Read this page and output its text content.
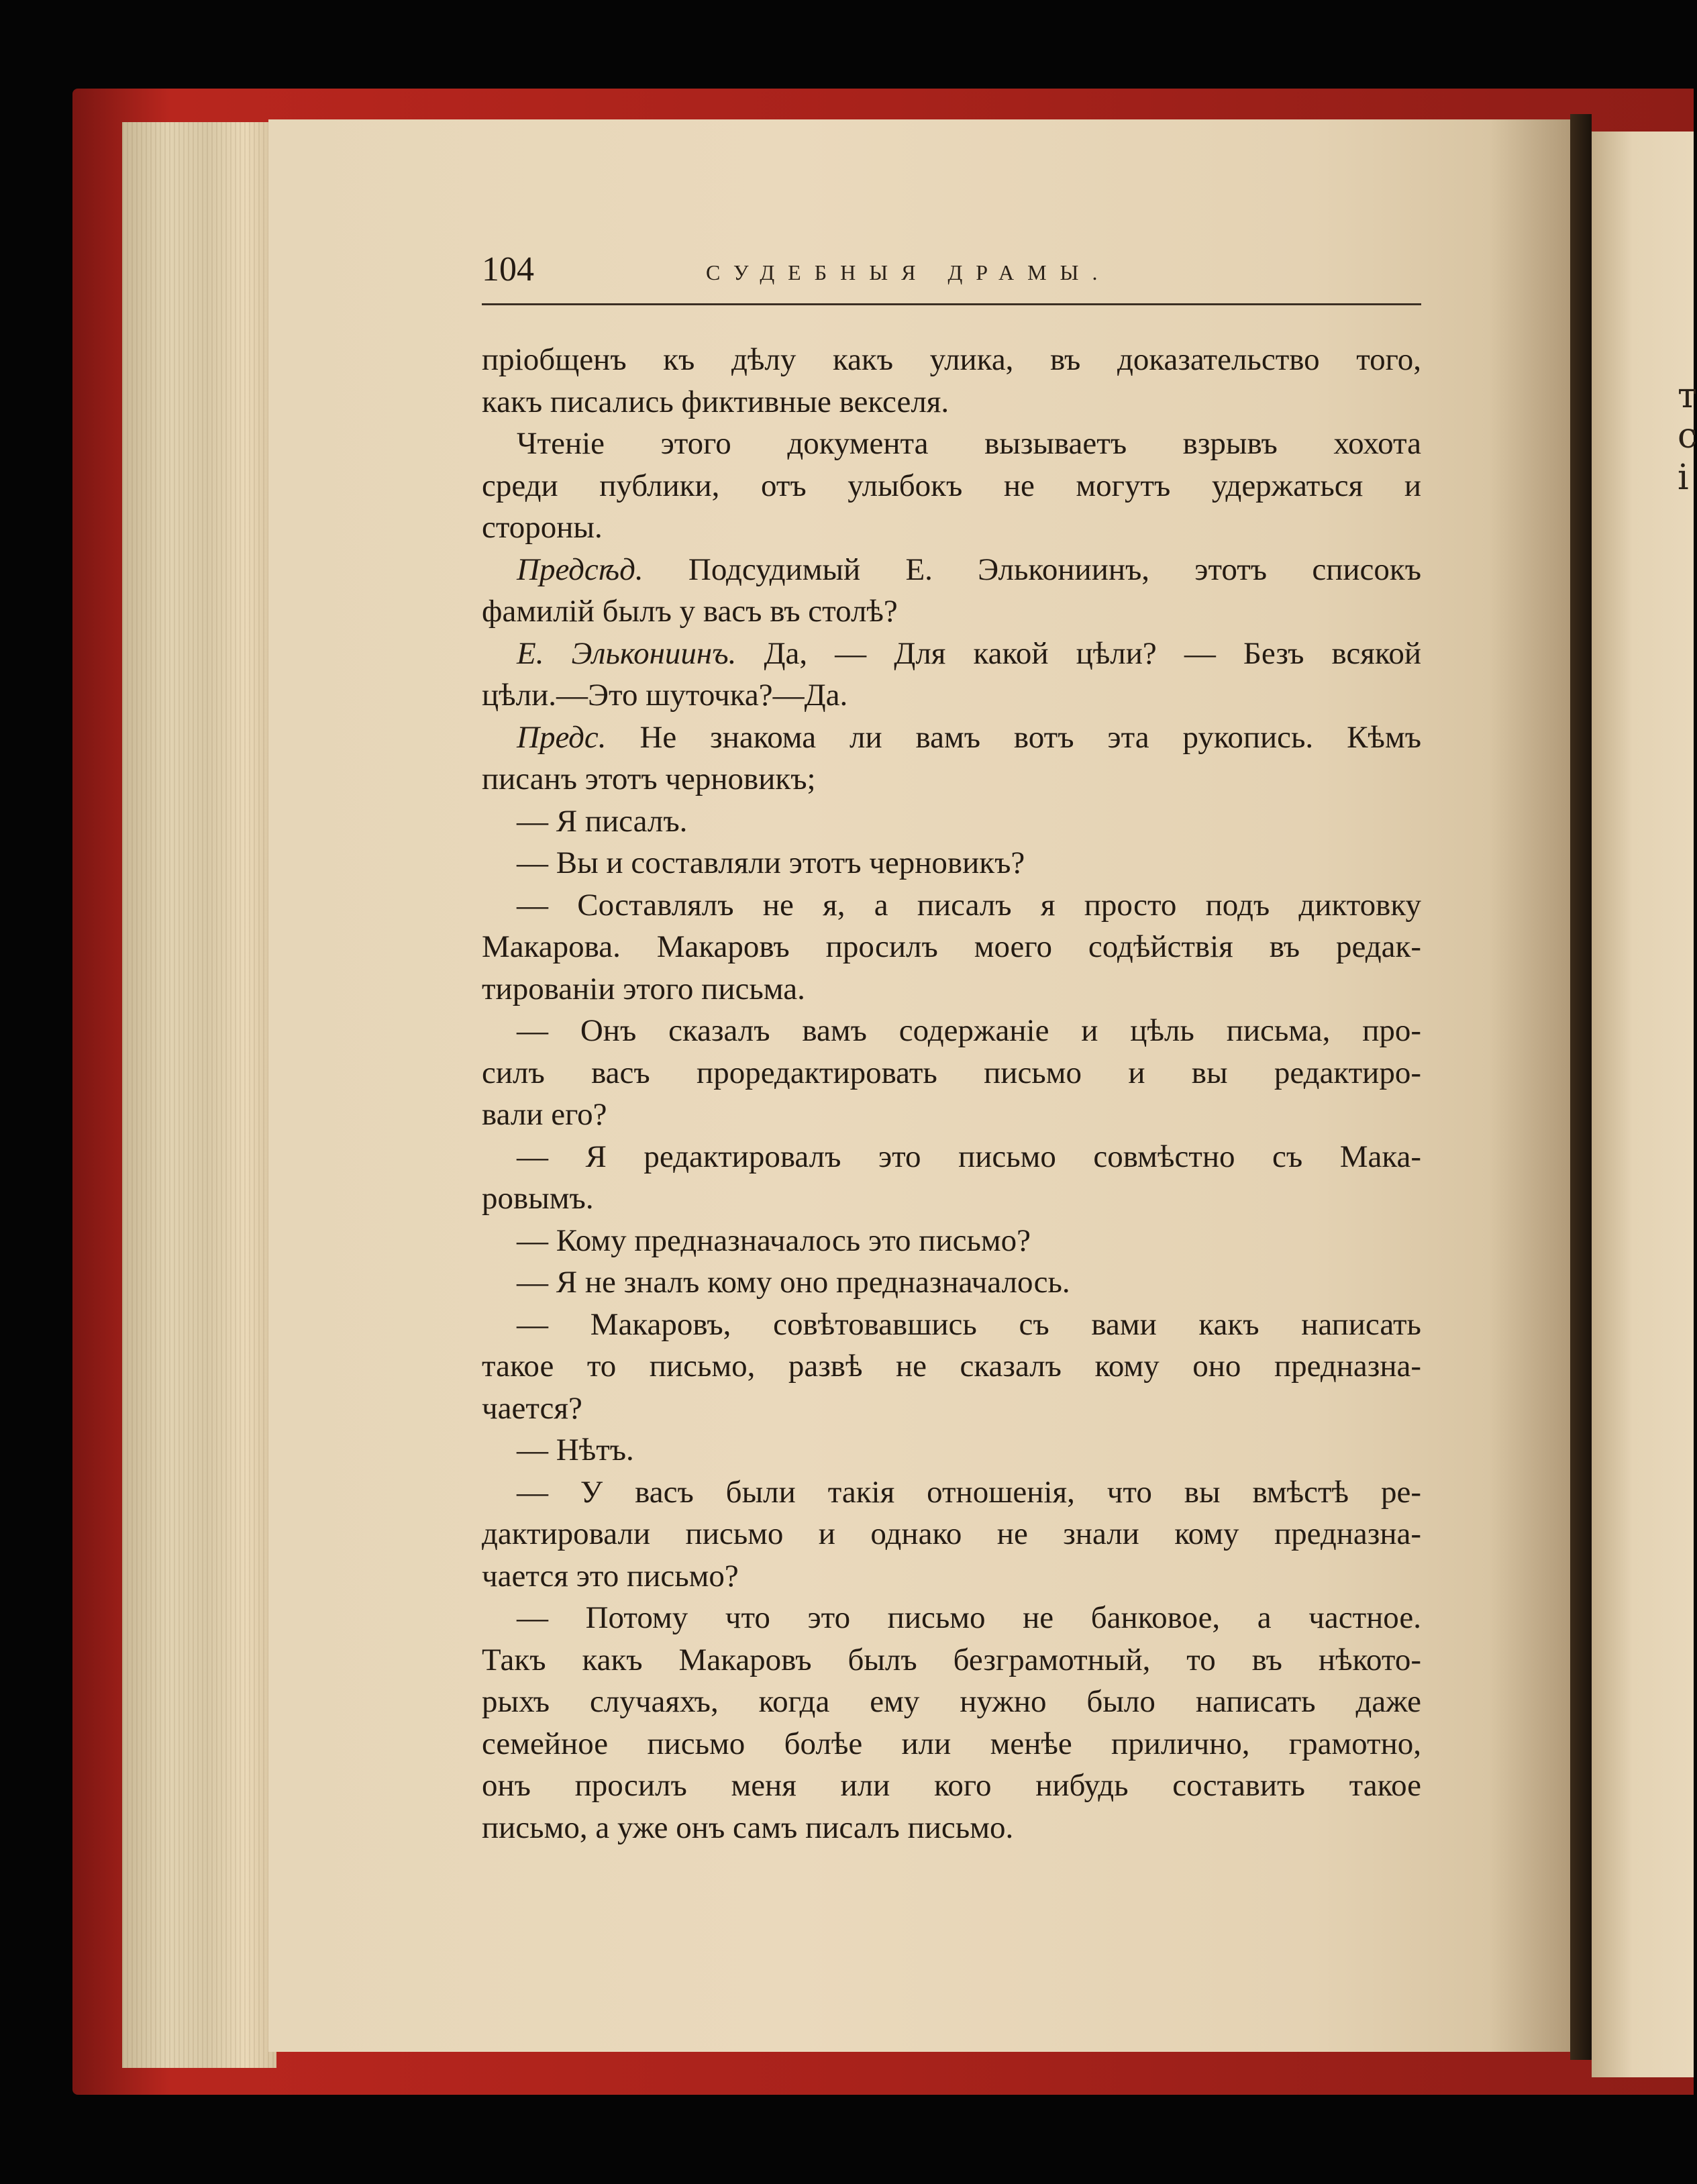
т
с
і
104	СУДЕБНЫЯ ДРАМЫ.
пріобщенъ къ дѣлу какъ улика, въ доказательство того,
какъ писались фиктивные векселя.
Чтеніе этого документа вызываетъ взрывъ хохота
среди публики, отъ улыбокъ не могутъ удержаться и
стороны.
Предсѣд. Подсудимый Е. Элькониинъ, этотъ списокъ
фамилій былъ у васъ въ столѣ?
Е. Элькониинъ. Да, — Для какой цѣли? — Безъ всякой
цѣли.—Это шуточка?—Да.
Предс. Не знакома ли вамъ вотъ эта рукопись. Кѣмъ
писанъ этотъ черновикъ;
— Я писалъ.
— Вы и составляли этотъ черновикъ?
— Составлялъ не я, а писалъ я просто подъ диктовку
Макарова. Макаровъ просилъ моего содѣйствія въ редак-
тированіи этого письма.
— Онъ сказалъ вамъ содержаніе и цѣль письма, про-
силъ васъ проредактировать письмо и вы редактиро-
вали его?
— Я редактировалъ это письмо совмѣстно съ Мака-
ровымъ.
— Кому предназначалось это письмо?
— Я не зналъ кому оно предназначалось.
— Макаровъ, совѣтовавшись съ вами какъ написать
такое то письмо, развѣ не сказалъ кому оно предназна-
чается?
— Нѣтъ.
— У васъ были такія отношенія, что вы вмѣстѣ ре-
дактировали письмо и однако не знали кому предназна-
чается это письмо?
— Потому что это письмо не банковое, а частное.
Такъ какъ Макаровъ былъ безграмотный, то въ нѣкото-
рыхъ случаяхъ, когда ему нужно было написать даже
семейное письмо болѣе или менѣе прилично, грамотно,
онъ просилъ меня или кого нибудь составить такое
письмо, а уже онъ самъ писалъ письмо.
